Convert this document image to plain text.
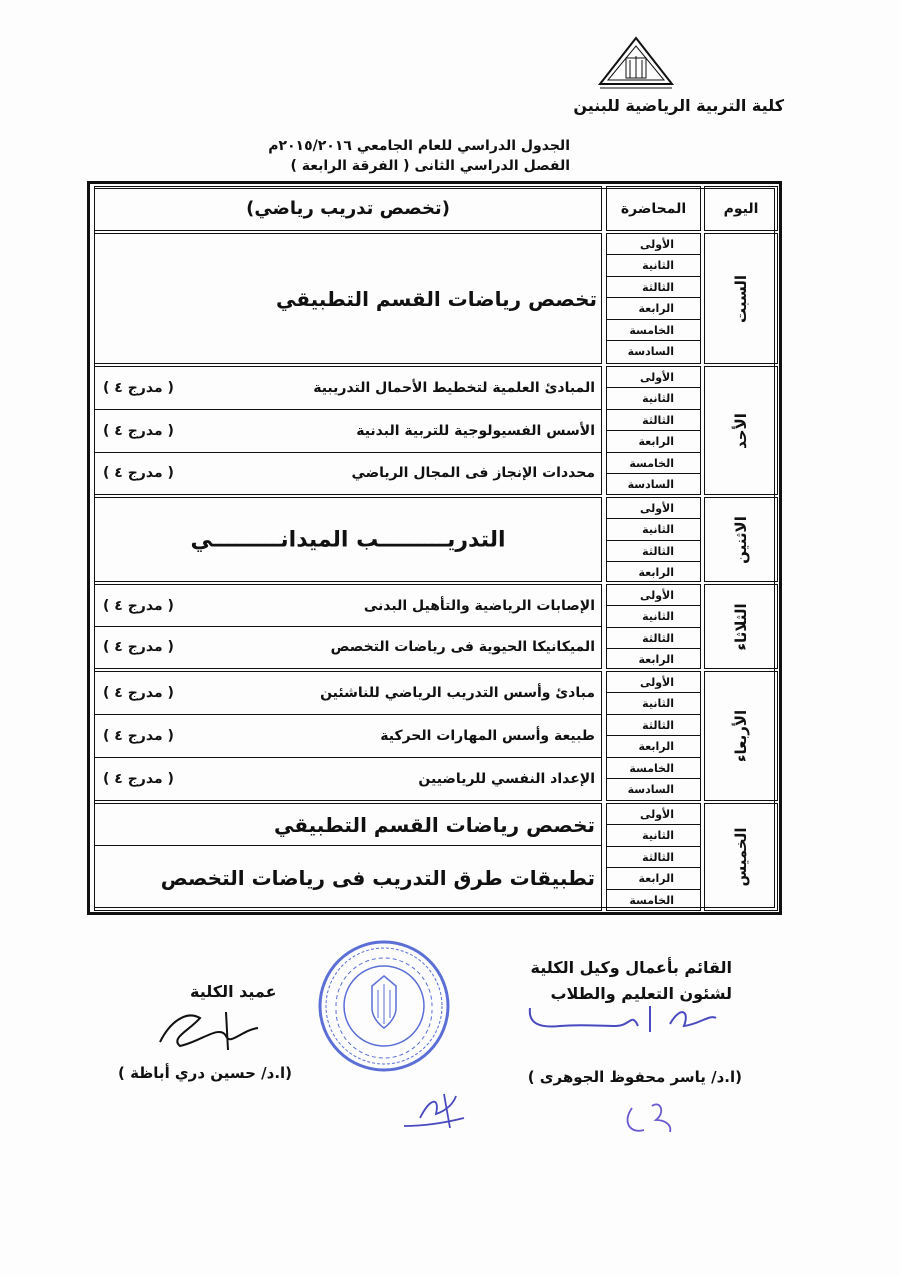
كلية التربية الرياضية للبنين
الجدول الدراسي للعام الجامعي ٢٠١٥/٢٠١٦م
الفصل الدراسي الثانى ( الفرقة الرابعة )
اليوم
المحاضرة
(تخصص تدريب رياضي)
السبت
الأولى
الثانية
الثالثة
الرابعة
الخامسة
السادسة
تخصص رياضات القسم التطبيقي
الأحد
الأولى
الثانية
الثالثة
الرابعة
الخامسة
السادسة
المبادئ العلمية لتخطيط الأحمال التدريبية
( مدرج ٤ )
الأسس الفسيولوجية للتربية البدنية
( مدرج ٤ )
محددات الإنجاز فى المجال الرياضي
( مدرج ٤ )
الاثنين
الأولى
الثانية
الثالثة
الرابعة
التدريـــــــــب الميدانـــــــــي
الثلاثاء
الأولى
الثانية
الثالثة
الرابعة
الإصابات الرياضية والتأهيل البدنى
( مدرج ٤ )
الميكانيكا الحيوية فى رياضات التخصص
( مدرج ٤ )
الأربعاء
الأولى
الثانية
الثالثة
الرابعة
الخامسة
السادسة
مبادئ وأسس التدريب الرياضي للناشئين
( مدرج ٤ )
طبيعة وأسس المهارات الحركية
( مدرج ٤ )
الإعداد النفسي للرياضيين
( مدرج ٤ )
الخميس
الأولى
الثانية
الثالثة
الرابعة
الخامسة
تخصص رياضات القسم التطبيقي
تطبيقات طرق التدريب فى رياضات التخصص
القائم بأعمال وكيل الكلية
لشئون التعليم والطلاب
(ا.د/ ياسر محفوظ الجوهرى )
عميد الكلية
(ا.د/ حسين دري أباظة )
